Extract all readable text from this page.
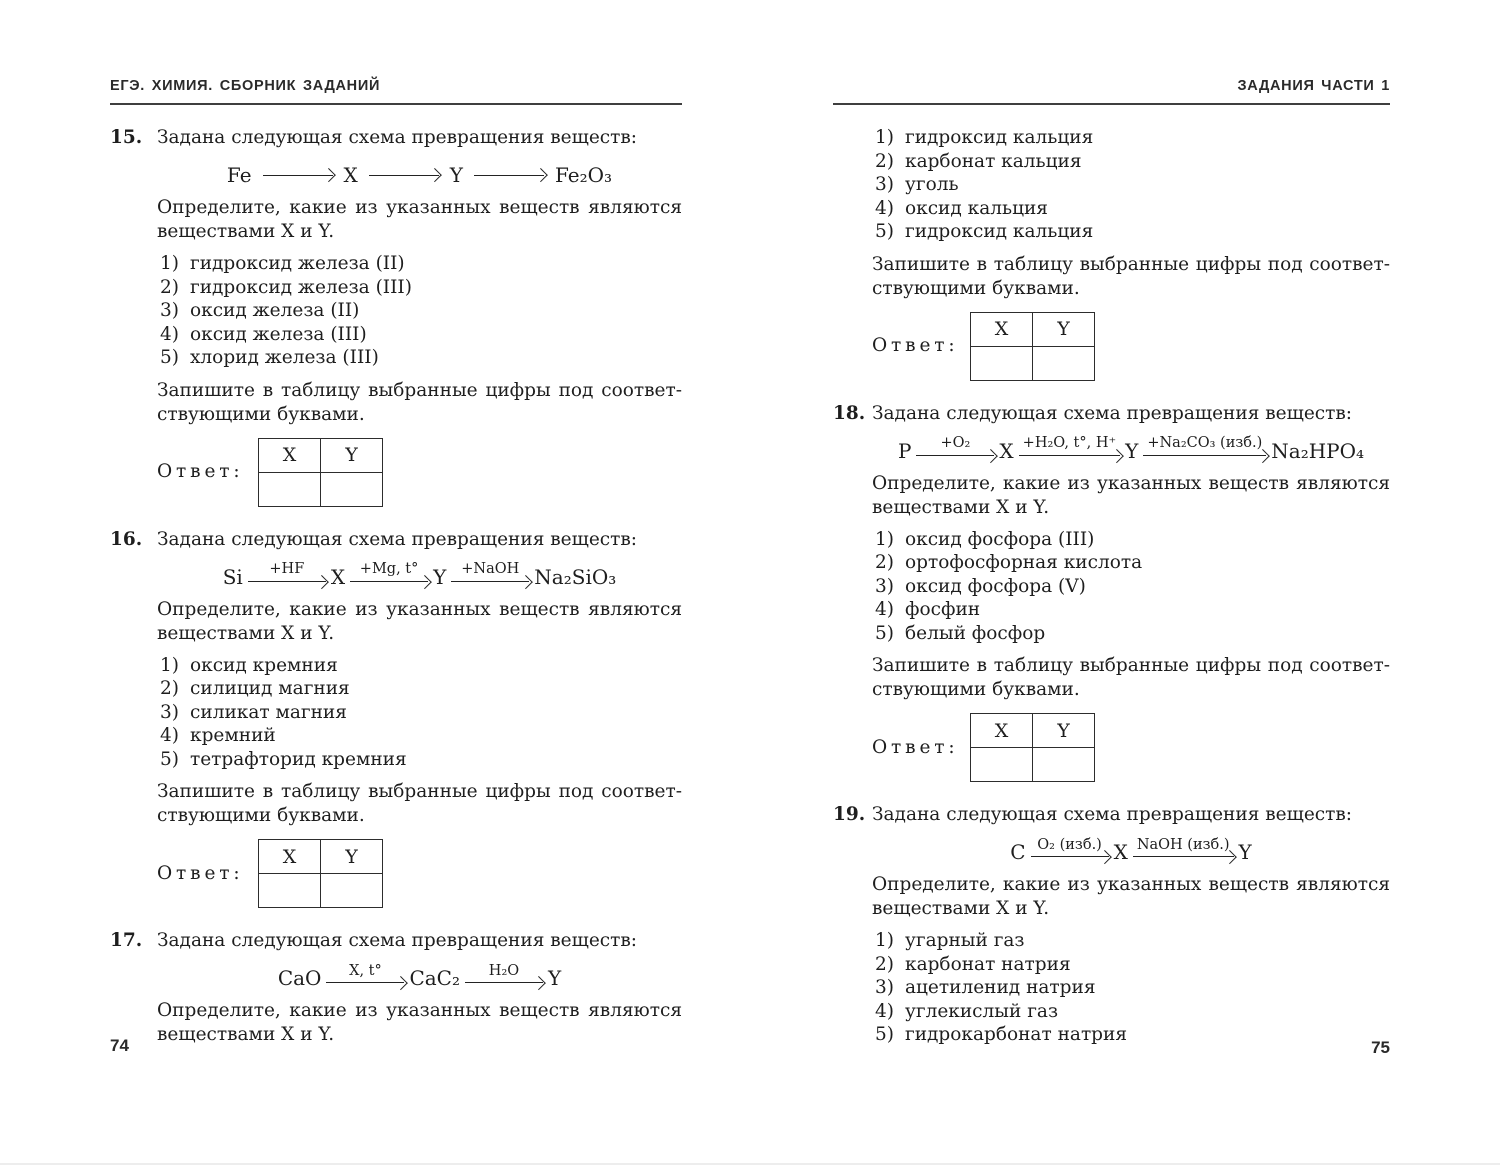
ЕГЭ. ХИМИЯ. СБОРНИК ЗАДАНИЙ
15. Задана следующая схема превращения веществ:
Fe	X	Y	Fe₂O₃
Определите, какие из указанных веществ являются
веществами X и Y.
1) гидроксид железа (II)
2) гидроксид железа (III)
3) оксид железа (II)
4) оксид железа (III)
5) хлорид железа (III)
Запишите в таблицу выбранные цифры под соответ-
ствующими буквами.
Ответ:
X	Y

16. Задана следующая схема превращения веществ:
Si +HF X +Mg, t° Y +NaOH Na₂SiO₃
Определите, какие из указанных веществ являются
веществами X и Y.
1) оксид кремния
2) силицид магния
3) силикат магния
4) кремний
5) тетрафторид кремния
Запишите в таблицу выбранные цифры под соответ-
ствующими буквами.
Ответ:
X	Y

17. Задана следующая схема превращения веществ:
CaO X, t° CaC₂ H₂O Y
Определите, какие из указанных веществ являются
веществами X и Y.
ЗАДАНИЯ ЧАСТИ 1
1) гидроксид кальция
2) карбонат кальция
3) уголь
4) оксид кальция
5) гидроксид кальция
Запишите в таблицу выбранные цифры под соответ-
ствующими буквами.
Ответ:
X	Y

18. Задана следующая схема превращения веществ:
P +O₂ X +H₂O, t°, H⁺ Y +Na₂CO₃ (изб.) Na₂HPO₄
Определите, какие из указанных веществ являются
веществами X и Y.
1) оксид фосфора (III)
2) ортофосфорная кислота
3) оксид фосфора (V)
4) фосфин
5) белый фосфор
Запишите в таблицу выбранные цифры под соответ-
ствующими буквами.
Ответ:
X	Y

19. Задана следующая схема превращения веществ:
C O₂ (изб.) X NaOH (изб.) Y
Определите, какие из указанных веществ являются
веществами X и Y.
1) угарный газ
2) карбонат натрия
3) ацетиленид натрия
4) углекислый газ
5) гидрокарбонат натрия
74	75
